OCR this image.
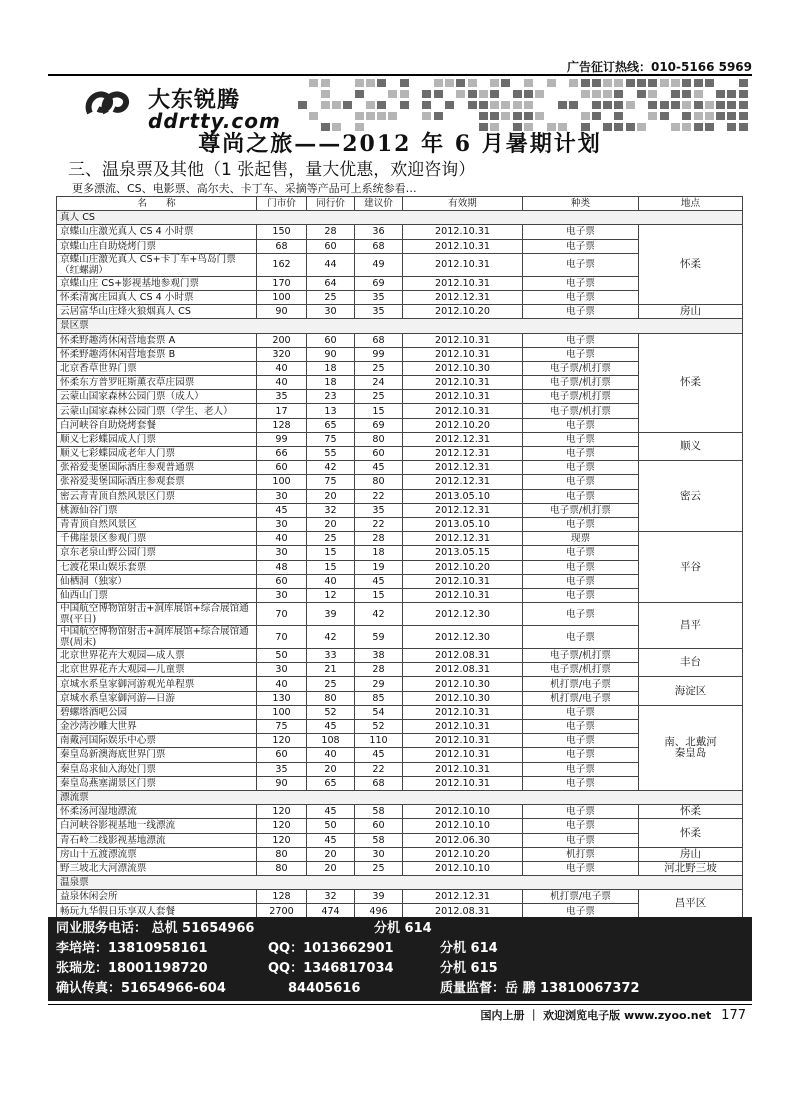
广告征订热线：010-5166 5969
大东锐腾
ddrtty.com
尊尚之旅——2012 年 6 月暑期计划
三、温泉票及其他（1 张起售，量大优惠，欢迎咨询）
更多漂流、CS、电影票、高尔夫、卡丁车、采摘等产品可上系统参看…
名　　称	门市价	同行价	建议价	有效期	种类	地点
真人 CS						
京蝶山庄激光真人 CS 4 小时票	150	28	36	2012.10.31	电子票	怀柔
京蝶山庄自助烧烤门票	68	60	68	2012.10.31	电子票	
京蝶山庄激光真人 CS+卡丁车+鸟岛门票（红螺湖）	162	44	49	2012.10.31	电子票	
京蝶山庄 CS+影视基地参观门票	170	64	69	2012.10.31	电子票	
怀柔清寓庄园真人 CS 4 小时票	100	25	35	2012.12.31	电子票	
云居富华山庄烽火狼烟真人 CS	90	30	35	2012.10.20	电子票	房山
景区票						
怀柔野趣湾休闲营地套票 A	200	60	68	2012.10.31	电子票	怀柔
怀柔野趣湾休闲营地套票 B	320	90	99	2012.10.31	电子票	
北京香草世界门票	40	18	25	2012.10.30	电子票/机打票	
怀柔东方普罗旺斯薰衣草庄园票	40	18	24	2012.10.31	电子票/机打票	
云蒙山国家森林公园门票（成人）	35	23	25	2012.10.31	电子票/机打票	
云蒙山国家森林公园门票（学生、老人）	17	13	15	2012.10.31	电子票/机打票	
白河峡谷自助烧烤套餐	128	65	69	2012.10.20	电子票	
顺义七彩蝶园成人门票	99	75	80	2012.12.31	电子票	顺义
顺义七彩蝶园成老年人门票	66	55	60	2012.12.31	电子票	
张裕爱斐堡国际酒庄参观普通票	60	42	45	2012.12.31	电子票	密云
张裕爱斐堡国际酒庄参观套票	100	75	80	2012.12.31	电子票	
密云青青顶自然风景区门票	30	20	22	2013.05.10	电子票	
桃源仙谷门票	45	32	35	2012.12.31	电子票/机打票	
青青顶自然风景区	30	20	22	2013.05.10	电子票	
千佛崖景区参观门票	40	25	28	2012.12.31	现票	平谷
京东老泉山野公园门票	30	15	18	2013.05.15	电子票	
七渡花果山娱乐套票	48	15	19	2012.10.20	电子票	
仙栖洞（独家）	60	40	45	2012.10.31	电子票	
仙西山门票	30	12	15	2012.10.31	电子票	
中国航空博物馆射击+洞库展馆+综合展馆通票(平日)	70	39	42	2012.12.30	电子票	昌平
中国航空博物馆射击+洞库展馆+综合展馆通票(周末)	70	42	59	2012.12.30	电子票	
北京世界花卉大观园—成人票	50	33	38	2012.08.31	电子票/机打票	丰台
北京世界花卉大观园—儿童票	30	21	28	2012.08.31	电子票/机打票	
京城水系皇家御河游观光单程票	40	25	29	2012.10.30	机打票/电子票	海淀区
京城水系皇家御河游—日游	130	80	85	2012.10.30	机打票/电子票	
碧螺塔酒吧公园	100	52	54	2012.10.31	电子票	南、北戴河
秦皇岛
金沙湾沙雕大世界	75	45	52	2012.10.31	电子票	
南戴河国际娱乐中心票	120	108	110	2012.10.31	电子票	
秦皇岛新澳海底世界门票	60	40	45	2012.10.31	电子票	
秦皇岛求仙入海处门票	35	20	22	2012.10.31	电子票	
秦皇岛燕塞湖景区门票	90	65	68	2012.10.31	电子票	
漂流票						
怀柔汤河湿地漂流	120	45	58	2012.10.10	电子票	怀柔
白河峡谷影视基地一线漂流	120	50	60	2012.10.10	电子票	怀柔
青石岭二线影视基地漂流	120	45	58	2012.06.30	电子票	
房山十五渡漂流票	80	20	30	2012.10.20	机打票	房山
野三坡北大河漂流票	80	20	25	2012.10.10	电子票	河北野三坡
温泉票						
益泉休闲会所	128	32	39	2012.12.31	机打票/电子票	昌平区
畅玩九华假日乐享双人套餐	2700	474	496	2012.08.31	电子票	
同业服务电话： 总机 51654966	分机 614
李培培：13810958161	QQ：1013662901	分机 614
张瑞龙：18001198720	QQ：1346817034	分机 615
确认传真：51654966-604	84405616	质量监督：岳 鹏 13810067372
国内上册 ｜ 欢迎浏览电子版 www.zyoo.net 177
